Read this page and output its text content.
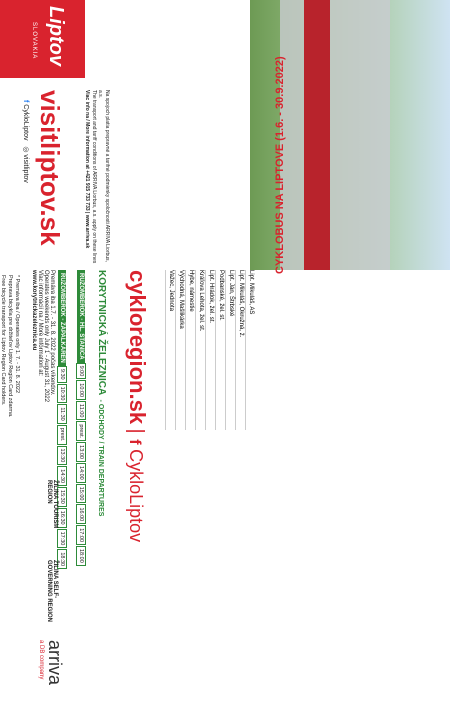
Liptov
SLOVAKIA
visitliptov.sk
f CykloLiptov   ◎ visitliptov	CYKLOBUS NA LIPTOVE (1.6. - 30.9.2022)
cykloregion.sk | f CykloLiptov
KORYTNICKÁ ŽELEZNICA - ODCHODY / TRAIN DEPARTURES
RUŽOMBEROK - HL. STANICA9:0010:0011:00prest.13:0014:0015:0016:0017:0018:00
RUŽOMBEROK - ZÁPALKÁREŇ9:3010:3011:30prest.13:3014:3015:3016:3017:3018:30
Premáva iba 1.7. - 31. 8. 2022 počas víkendov.
Operates weekends only July 1 - August 31, 2022
Viac informácií na / More information at:
www.korytnickazeleznica.eu	Lipt. Mikuláš, AS
Lipt. Mikuláš, Okružná, ž.
Lipt. Ján, Štrbské
Podbanské, žel. st.
Lipt. Hrádok, žel. st.
Kráľova Lehota, žel. st.
Hybe, námestie
Východná, Mašlikárka
Važec, Jednota
arriva
a DB company
ŽILINA SELF-GOVERNING REGION
ŽILINA TOURISM REGION
* Premáva iba / Operates only 1. 7. - 31. 8. 2022
Preprava bicykla pre držiteľov Liptov Region Card zdarma.
Free bicycle transport for Liptov Region Card holders.
Na spojoch platia prepravné a tarifné podmienky spoločnosti ARRIVA Liorbus, a.s.
The transport and tariff conditions of ARRIVA Liorbus, a.s. apply on these lines
Viac info na / More information at +421 915 733 733 | www.arriva.sk
